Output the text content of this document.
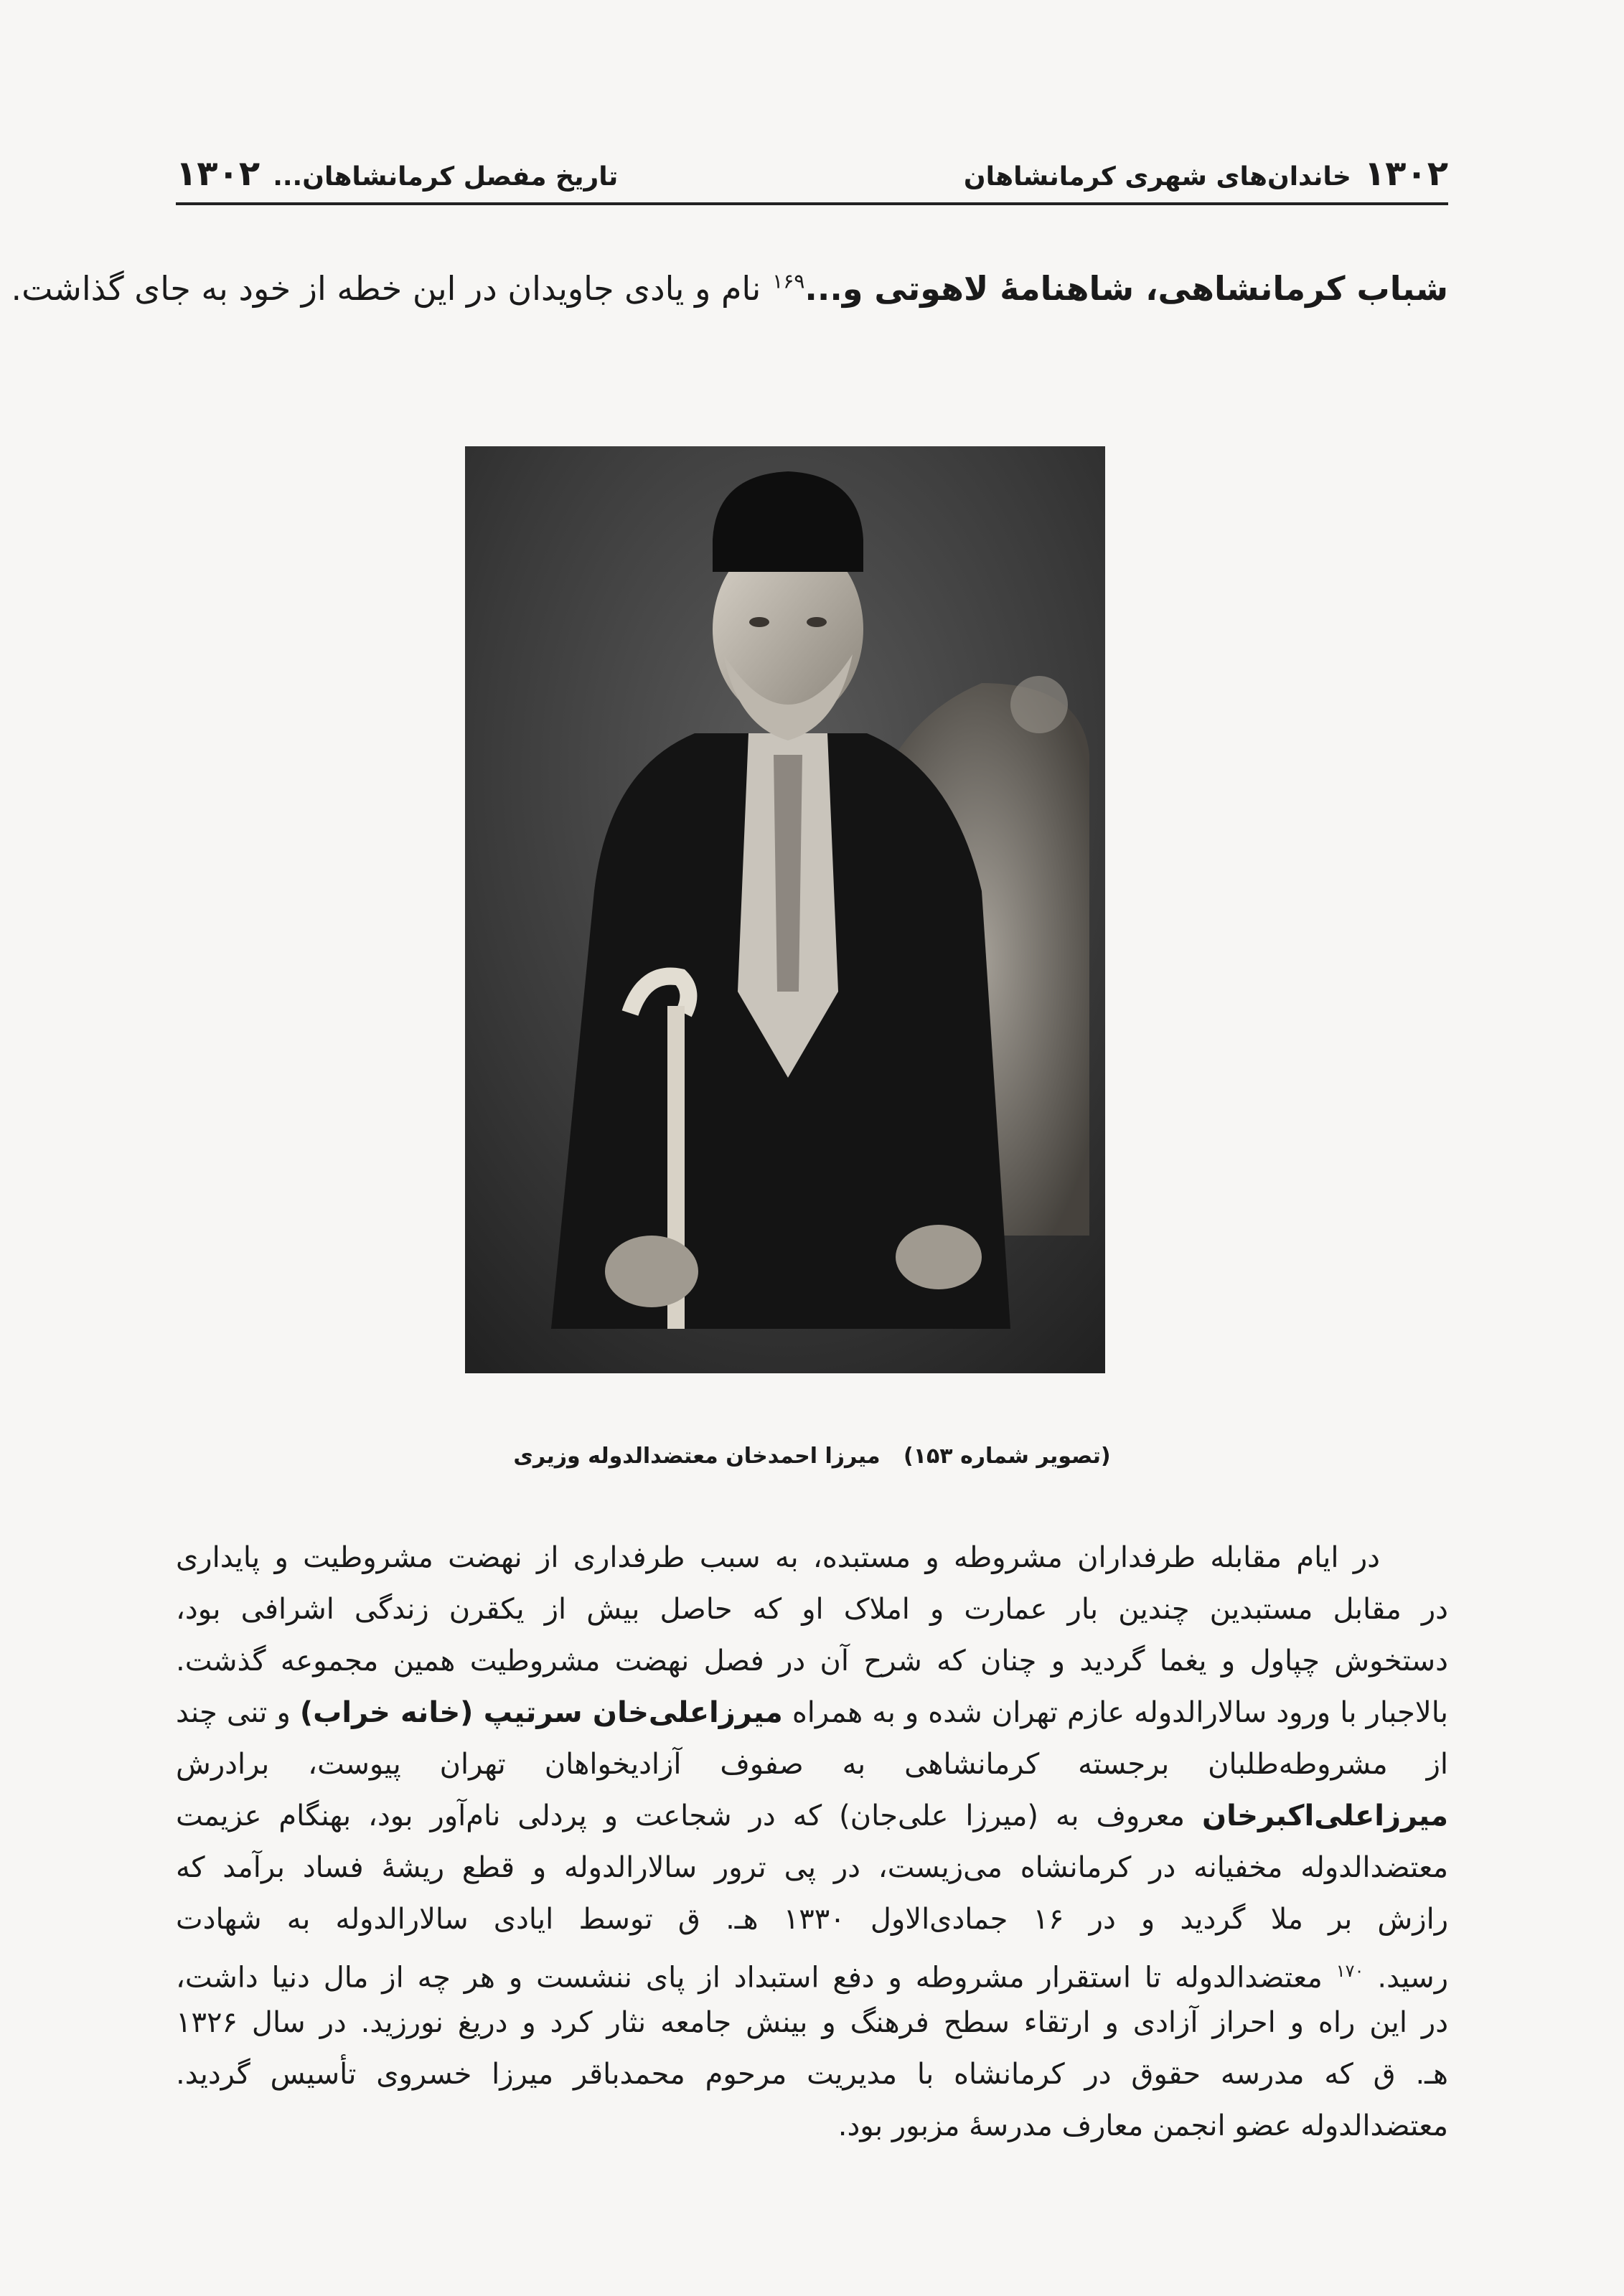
۱۳۰۲
خاندان‌های شهری کرمانشاهان
تاریخ مفصل کرمانشاهان...
۱۳۰۲
شباب کرمانشاهی، شاهنامهٔ لاهوتی و...$^{۱۶۹}$ نام و یادی جاویدان در این خطه از خود به جای گذاشت.
(تصویر شماره ۱۵۳) میرزا احمدخان معتضدالدوله وزیری
در ایام مقابله طرفداران مشروطه و مستبده، به سبب طرفداری از نهضت مشروطیت و پایداری
در مقابل مستبدین چندین بار عمارت و املاک او که حاصل بیش از یکقرن زندگی اشرافی بود،
دستخوش چپاول و یغما گردید و چنان که شرح آن در فصل نهضت مشروطیت همین مجموعه گذشت.
بالاجبار با ورود سالارالدوله عازم تهران شده و به همراه میرزاعلی‌خان سرتیپ (خانه خراب) و تنی چند
از مشروطه‌طلبان برجسته کرمانشاهی به صفوف آزادیخواهان تهران پیوست، برادرش
میرزاعلی‌اکبرخان معروف به (میرزا علی‌جان) که در شجاعت و پردلی نام‌آور بود، بهنگام عزیمت
معتضدالدوله مخفیانه در کرمانشاه می‌زیست، در پی ترور سالارالدوله و قطع ریشهٔ فساد برآمد که
رازش بر ملا گردید و در ۱۶ جمادی‌الاول ۱۳۳۰ هـ. ق توسط ایادی سالارالدوله به شهادت
رسید. $^{۱۷۰}$ معتضدالدوله تا استقرار مشروطه و دفع استبداد از پای ننشست و هر چه از مال دنیا داشت،
در این راه و احراز آزادی و ارتقاء سطح فرهنگ و بینش جامعه نثار کرد و دریغ نورزید. در سال ۱۳۲۶
هـ. ق که مدرسه حقوق در کرمانشاه با مدیریت مرحوم محمدباقر میرزا خسروی تأسیس گردید.
معتضدالدوله عضو انجمن معارف مدرسهٔ مزبور بود.
